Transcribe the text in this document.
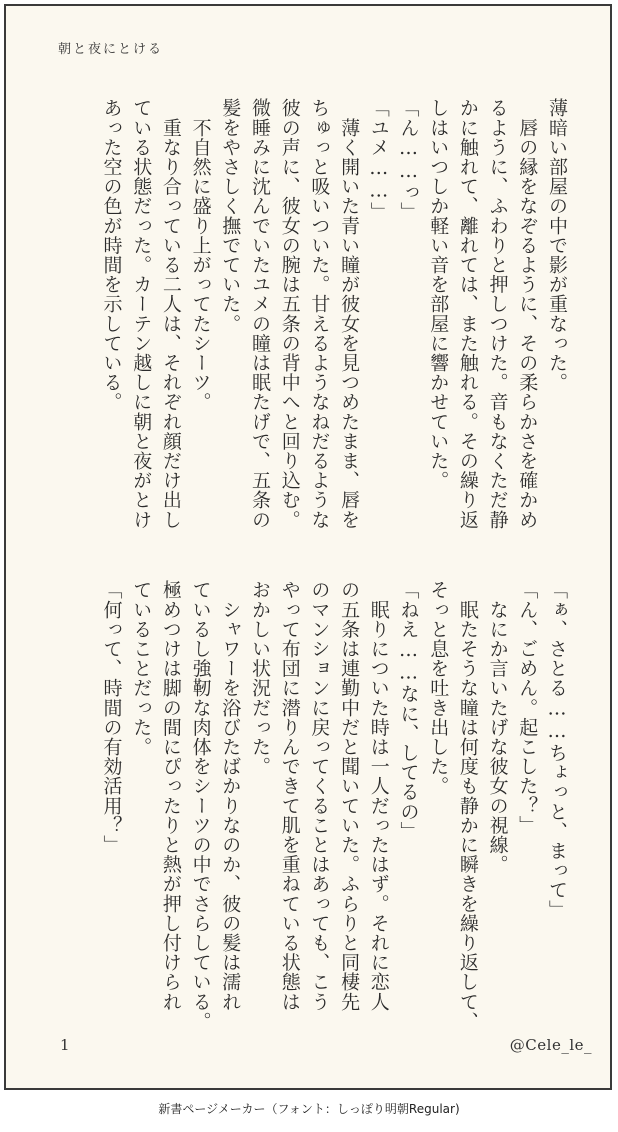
朝と夜にとける
薄暗い部屋の中で影が重なった。
　唇の縁をなぞるように、その柔らかさを確かめ
るように、ふわりと押しつけた。音もなくただ静
かに触れて、離れては、また触れる。その繰り返
しはいつしか軽い音を部屋に響かせていた。
「ん……っ」
「ユメ……」
　薄く開いた青い瞳が彼女を見つめたまま、唇を
ちゅっと吸いついた。甘えるようなねだるような
彼の声に、彼女の腕は五条の背中へと回り込む。
微睡みに沈んでいたユメの瞳は眠たげで、五条の
髪をやさしく撫でていた。
　不自然に盛り上がってたシーツ。
　重なり合っている二人は、それぞれ顔だけ出し
ている状態だった。カーテン越しに朝と夜がとけ
あった空の色が時間を示している。
「ぁ、さとる……ちょっと、まって」
「ん、ごめん。起こした？」
　なにか言いたげな彼女の視線。
　眠たそうな瞳は何度も静かに瞬きを繰り返して、
そっと息を吐き出した。
「ねえ……なに、してるの」
　眠りについた時は一人だったはず。それに恋人
の五条は連勤中だと聞いていた。ふらりと同棲先
のマンションに戻ってくることはあっても、こう
やって布団に潜りんできて肌を重ねている状態は
おかしい状況だった。
　シャワーを浴びたばかりなのか、彼の髪は濡れ
ているし強靭な肉体をシーツの中でさらしている。
極めつけは脚の間にぴったりと熱が押し付けられ
ていることだった。
「何って、時間の有効活用？」
1	@Cele_le_
新書ページメーカー（フォント：しっぽり明朝Regular)
